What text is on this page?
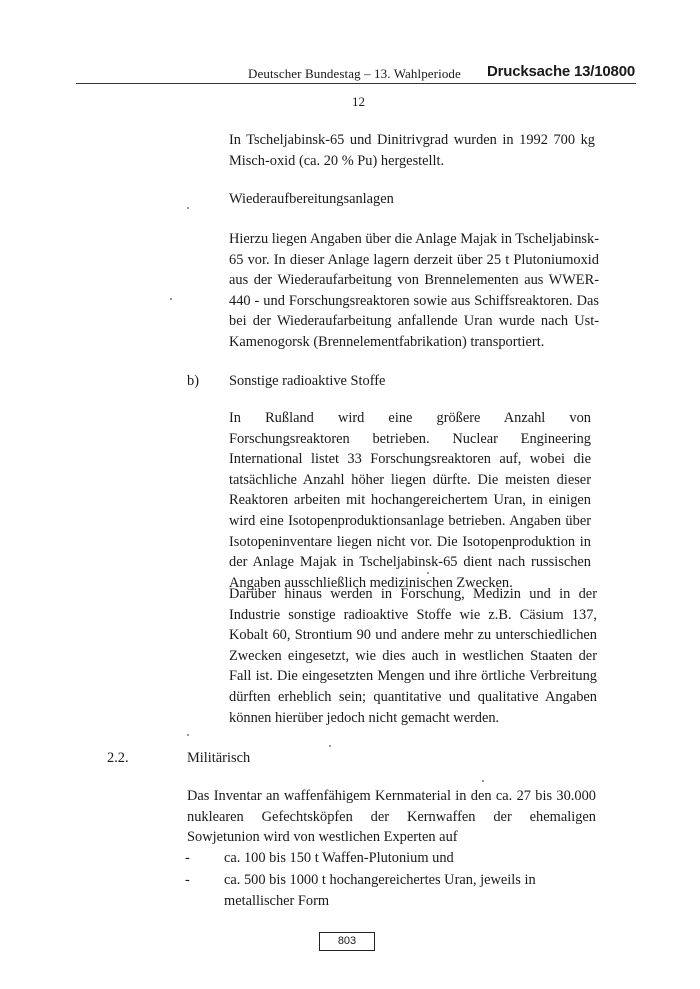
Deutscher Bundestag – 13. Wahlperiode Drucksache 13/10800
12

In Tscheljabinsk-65 und Dinitrivgrad wurden in 1992 700 kg Misch-oxid (ca. 20 % Pu) hergestellt.

Wiederaufbereitungsanlagen

Hierzu liegen Angaben über die Anlage Majak in Tscheljabinsk-65 vor. In dieser Anlage lagern derzeit über 25 t Plutoniumoxid aus der Wiederaufarbeitung von Brennelementen aus WWER-440 - und Forschungsreaktoren sowie aus Schiffsreaktoren. Das bei der Wiederaufarbeitung anfallende Uran wurde nach Ust-Kamenogorsk (Brennelementfabrikation) transportiert.

b) Sonstige radioaktive Stoffe

In Rußland wird eine größere Anzahl von Forschungsreaktoren betrieben. Nuclear Engineering International listet 33 Forschungsreaktoren auf, wobei die tatsächliche Anzahl höher liegen dürfte. Die meisten dieser Reaktoren arbeiten mit hochangereichertem Uran, in einigen wird eine Isotopenproduktionsanlage betrieben. Angaben über Isotopeninventare liegen nicht vor. Die Isotopenproduktion in der Anlage Majak in Tscheljabinsk-65 dient nach russischen Angaben ausschließlich medizinischen Zwecken.

Darüber hinaus werden in Forschung, Medizin und in der Industrie sonstige radioaktive Stoffe wie z.B. Cäsium 137, Kobalt 60, Strontium 90 und andere mehr zu unterschiedlichen Zwecken eingesetzt, wie dies auch in westlichen Staaten der Fall ist. Die eingesetzten Mengen und ihre örtliche Verbreitung dürften erheblich sein; quantitative und qualitative Angaben können hierüber jedoch nicht gemacht werden.

2.2.	Militärisch

Das Inventar an waffenfähigem Kernmaterial in den ca. 27 bis 30.000 nuklearen Gefechtsköpfen der Kernwaffen der ehemaligen Sowjetunion wird von westlichen Experten auf

- ca. 100 bis 150 t Waffen-Plutonium und
- ca. 500 bis 1000 t hochangereichertes Uran, jeweils in metallischer Form
803
